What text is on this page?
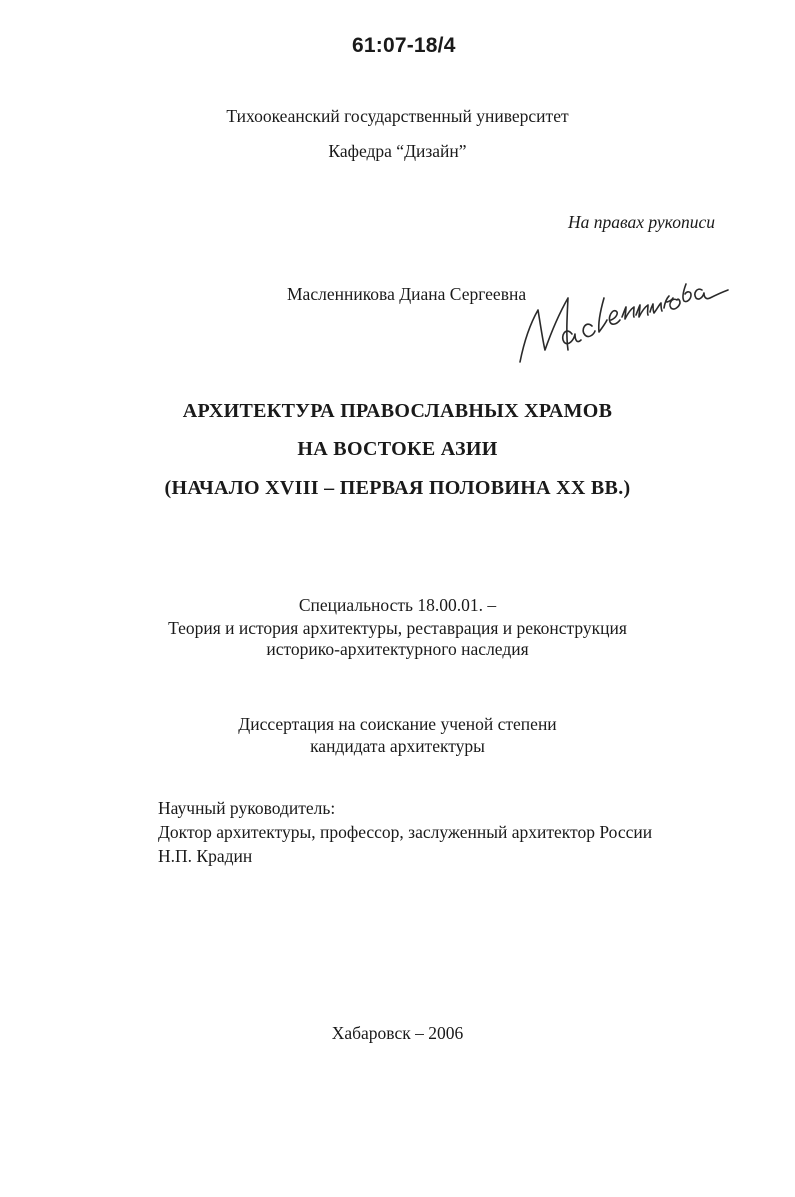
61:07-18/4
Тихоокеанский государственный университет
Кафедра “Дизайн”
На правах рукописи
Масленникова Диана Сергеевна
АРХИТЕКТУРА ПРАВОСЛАВНЫХ ХРАМОВ
НА ВОСТОКЕ АЗИИ
(НАЧАЛО XVIII – ПЕРВАЯ ПОЛОВИНА XX ВВ.)
Специальность 18.00.01. –
Теория и история архитектуры, реставрация и реконструкция
историко-архитектурного наследия
Диссертация на соискание ученой степени
кандидата архитектуры
Научный руководитель:
Доктор архитектуры, профессор, заслуженный архитектор России
Н.П. Крадин
Хабаровск – 2006
